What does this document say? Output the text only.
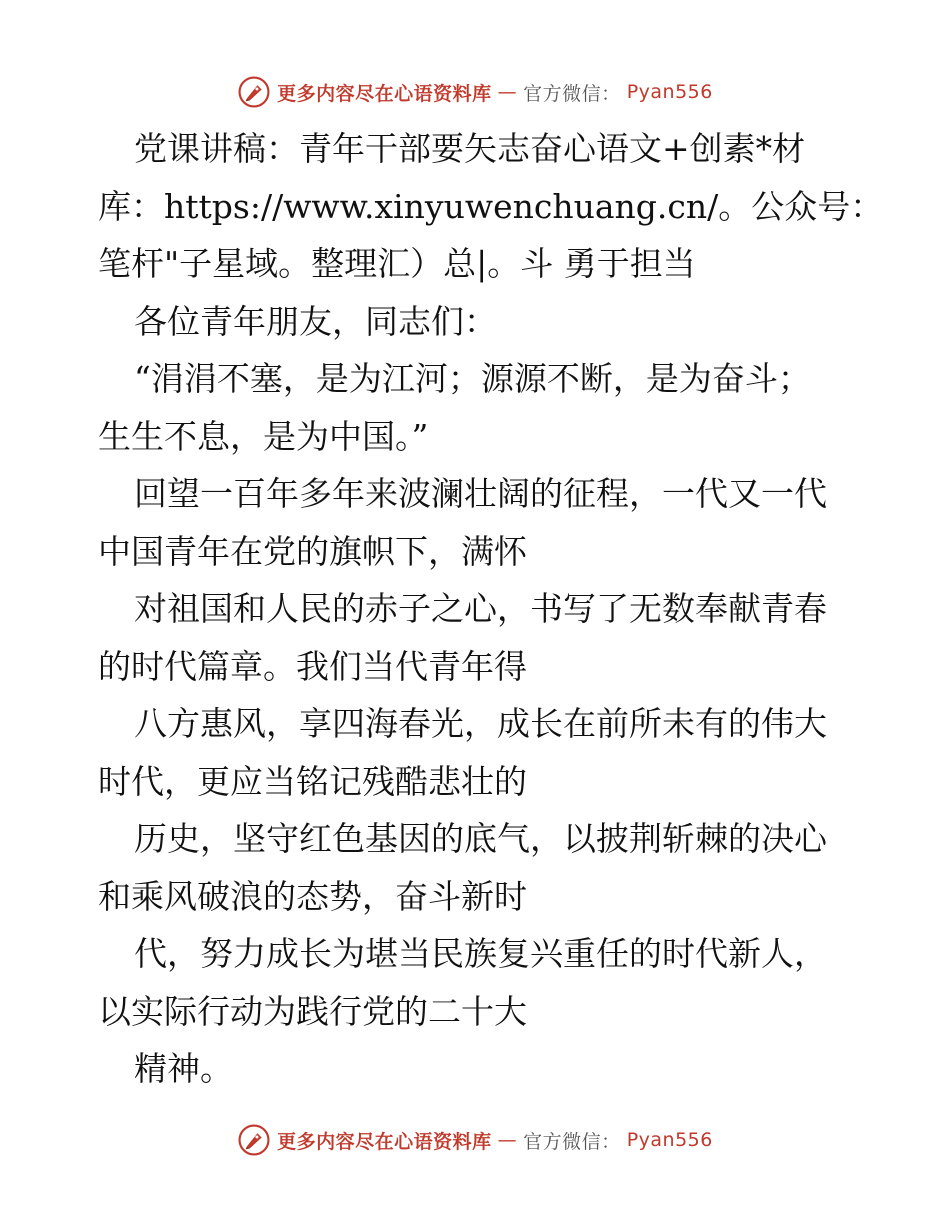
更多内容尽在心语资料库 — 官方微信： Pyan556
党课讲稿：青年干部要矢志奋心语文+创素*材
库：https://www.xinyuwenchuang.cn/。公众号：
笔杆"子星域。整理汇）总|。斗 勇于担当
各位青年朋友，同志们：
“涓涓不塞，是为江河；源源不断，是为奋斗；
生生不息，是为中国。”
回望一百年多年来波澜壮阔的征程，一代又一代
中国青年在党的旗帜下，满怀
对祖国和人民的赤子之心，书写了无数奉献青春
的时代篇章。我们当代青年得
八方惠风，享四海春光，成长在前所未有的伟大
时代，更应当铭记残酷悲壮的
历史，坚守红色基因的底气，以披荆斩棘的决心
和乘风破浪的态势，奋斗新时
代，努力成长为堪当民族复兴重任的时代新人，
以实际行动为践行党的二十大
精神。
更多内容尽在心语资料库 — 官方微信： Pyan556
